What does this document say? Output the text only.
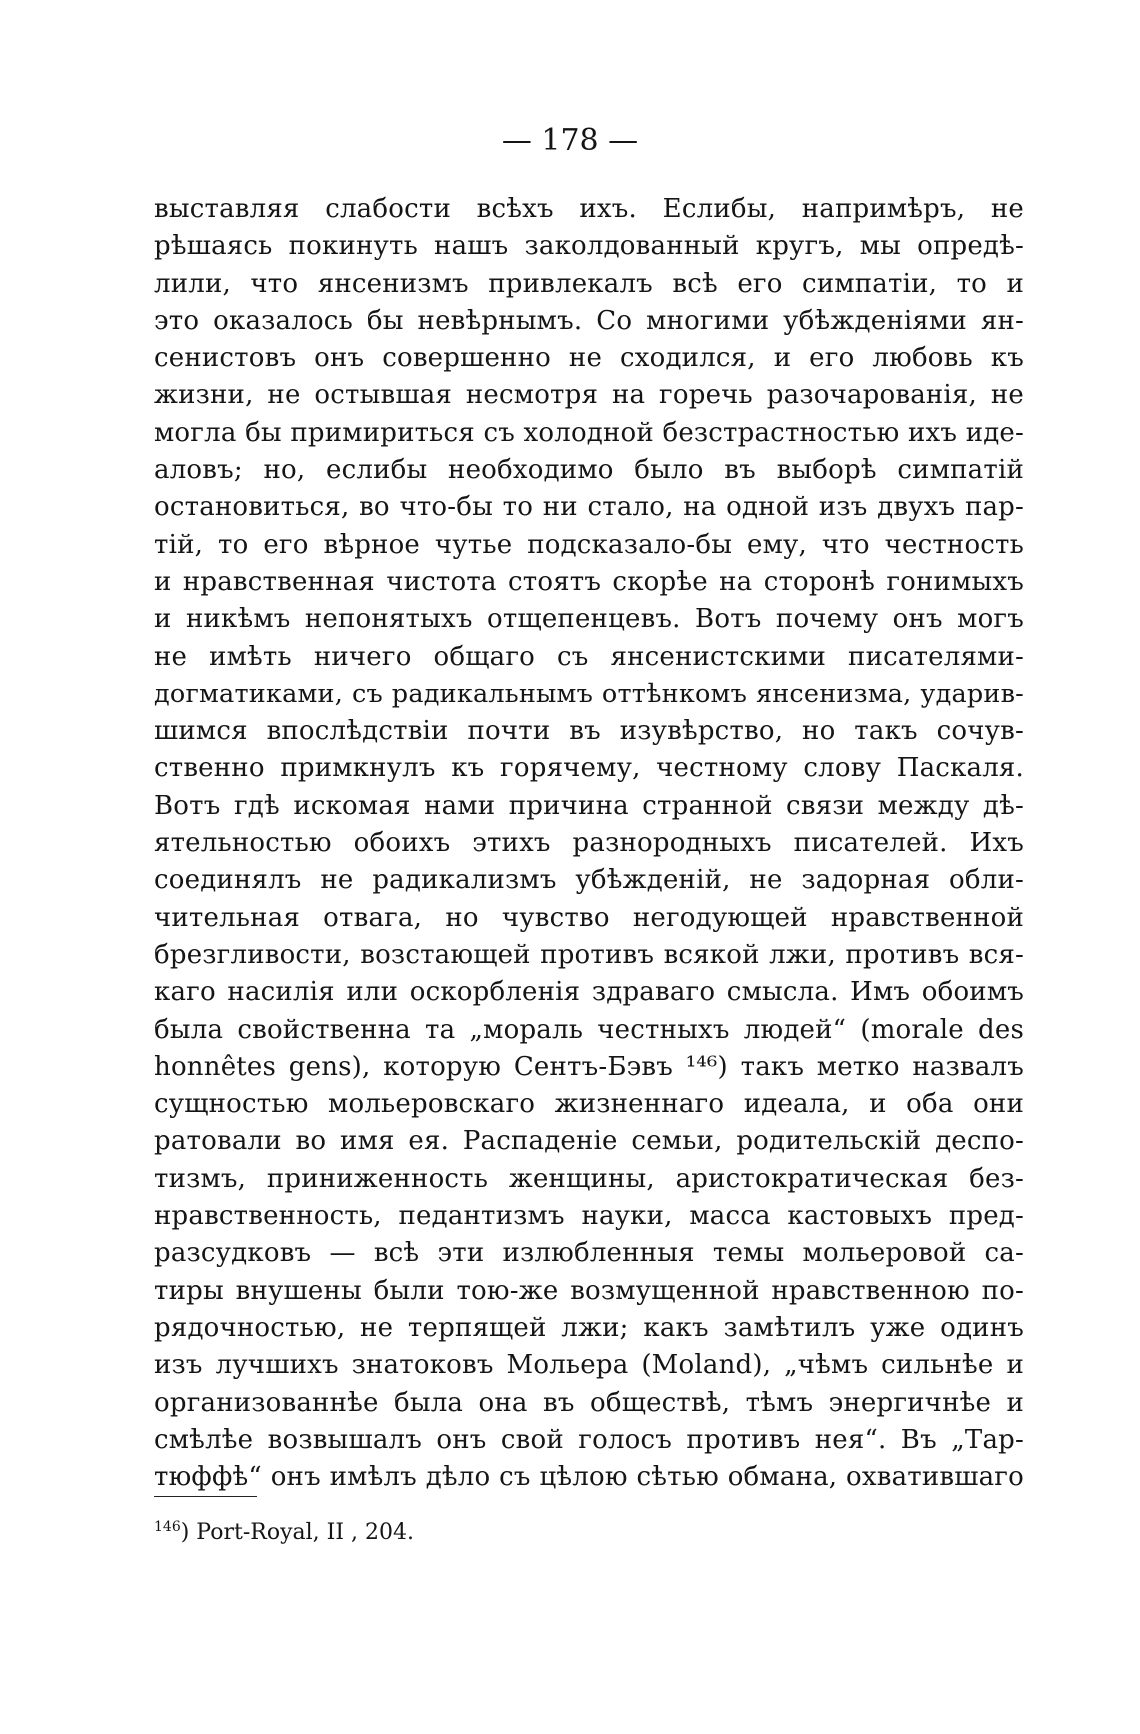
— 178 —
выставляя слабости всѣхъ ихъ. Еслибы, напримѣръ, не
рѣшаясь покинуть нашъ заколдованный кругъ, мы опредѣ-
лили, что янсенизмъ привлекалъ всѣ его симпатіи, то и
это оказалось бы невѣрнымъ. Со многими убѣжденіями ян-
сенистовъ онъ совершенно не сходился, и его любовь къ
жизни, не остывшая несмотря на горечь разочарованія, не
могла бы примириться съ холодной безстрастностью ихъ иде-
аловъ; но, еслибы необходимо было въ выборѣ симпатій
остановиться, во что-бы то ни стало, на одной изъ двухъ пар-
тій, то его вѣрное чутье подсказало-бы ему, что честность
и нравственная чистота стоятъ скорѣе на сторонѣ гонимыхъ
и никѣмъ непонятыхъ отщепенцевъ. Вотъ почему онъ могъ
не имѣть ничего общаго съ янсенистскими писателями-
догматиками, съ радикальнымъ оттѣнкомъ янсенизма, ударив-
шимся впослѣдствіи почти въ изувѣрство, но такъ сочув-
ственно примкнулъ къ горячему, честному слову Паскаля.
Вотъ гдѣ искомая нами причина странной связи между дѣ-
ятельностью обоихъ этихъ разнородныхъ писателей. Ихъ
соединялъ не радикализмъ убѣжденій, не задорная обли-
чительная отвага, но чувство негодующей нравственной
брезгливости, возстающей противъ всякой лжи, противъ вся-
каго насилія или оскорбленія здраваго смысла. Имъ обоимъ
была свойственна та „мораль честныхъ людей“ (morale des
honnêtes gens), которую Сентъ-Бэвъ ¹⁴⁶) такъ метко назвалъ
сущностью мольеровскаго жизненнаго идеала, и оба они
ратовали во имя ея. Распаденіе семьи, родительскій деспо-
тизмъ, приниженность женщины, аристократическая без-
нравственность, педантизмъ науки, масса кастовыхъ пред-
разсудковъ — всѣ эти излюбленныя темы мольеровой са-
тиры внушены были тою-же возмущенной нравственною по-
рядочностью, не терпящей лжи; какъ замѣтилъ уже одинъ
изъ лучшихъ знатоковъ Мольера (Moland), „чѣмъ сильнѣе и
организованнѣе была она въ обществѣ, тѣмъ энергичнѣе и
смѣлѣе возвышалъ онъ свой голосъ противъ нея“. Въ „Тар-
тюффѣ“ онъ имѣлъ дѣло съ цѣлою сѣтью обмана, охватившаго
$^{146}$) Port-Royal, II , 204.
